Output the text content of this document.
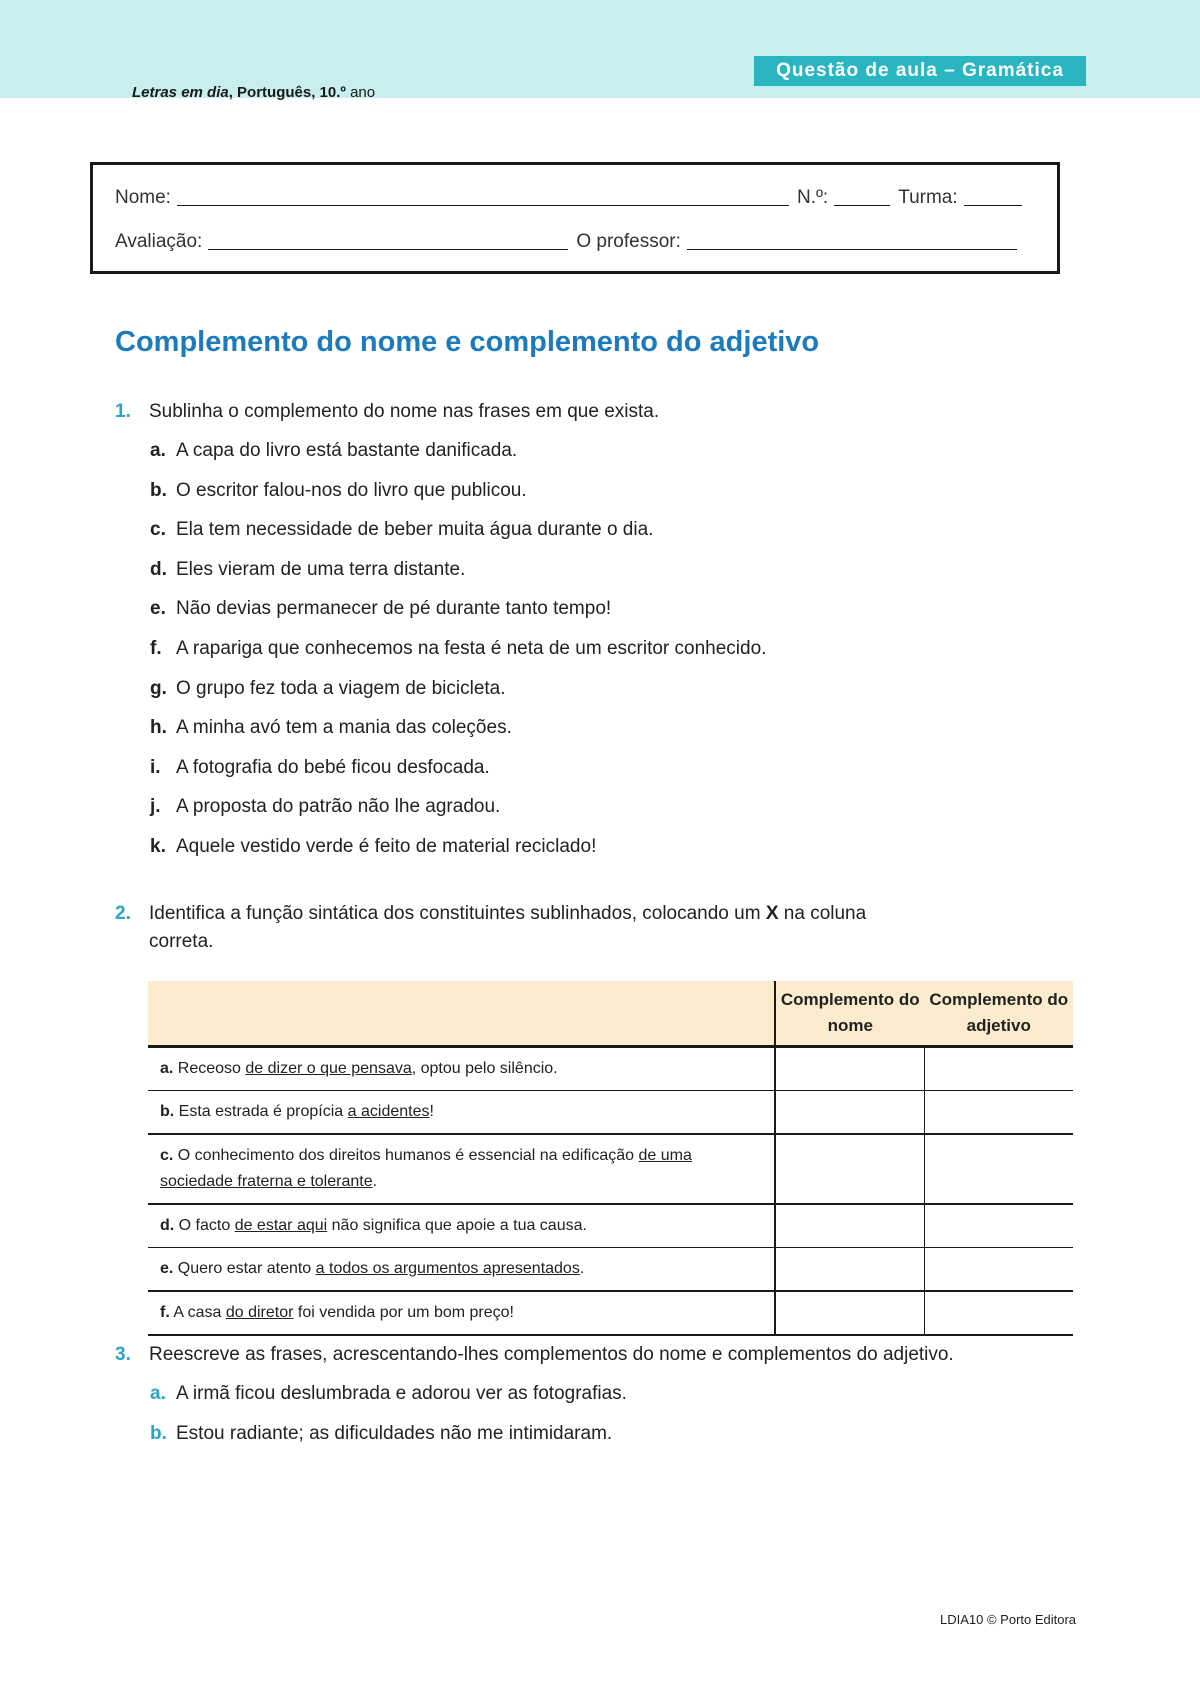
Letras em dia, Português, 10.º ano
Questão de aula – Gramática
Nome:	N.º:	Turma:
Avaliação:	O professor:
Complemento do nome e complemento do adjetivo
1. Sublinha o complemento do nome nas frases em que exista.
a. A capa do livro está bastante danificada.
b. O escritor falou-nos do livro que publicou.
c. Ela tem necessidade de beber muita água durante o dia.
d. Eles vieram de uma terra distante.
e. Não devias permanecer de pé durante tanto tempo!
f. A rapariga que conhecemos na festa é neta de um escritor conhecido.
g. O grupo fez toda a viagem de bicicleta.
h. A minha avó tem a mania das coleções.
i. A fotografia do bebé ficou desfocada.
j. A proposta do patrão não lhe agradou.
k. Aquele vestido verde é feito de material reciclado!
2. Identifica a função sintática dos constituintes sublinhados, colocando um X na coluna
correta.
	Complemento do nome	Complemento do adjetivo
a. Receoso de dizer o que pensava, optou pelo silêncio.		
b. Esta estrada é propícia a acidentes!		
c. O conhecimento dos direitos humanos é essencial na edificação de uma sociedade fraterna e tolerante.		
d. O facto de estar aqui não significa que apoie a tua causa.		
e. Quero estar atento a todos os argumentos apresentados.		
f. A casa do diretor foi vendida por um bom preço!		
3. Reescreve as frases, acrescentando-lhes complementos do nome e complementos do adjetivo.
a. A irmã ficou deslumbrada e adorou ver as fotografias.
b. Estou radiante; as dificuldades não me intimidaram.
LDIA10 © Porto Editora
